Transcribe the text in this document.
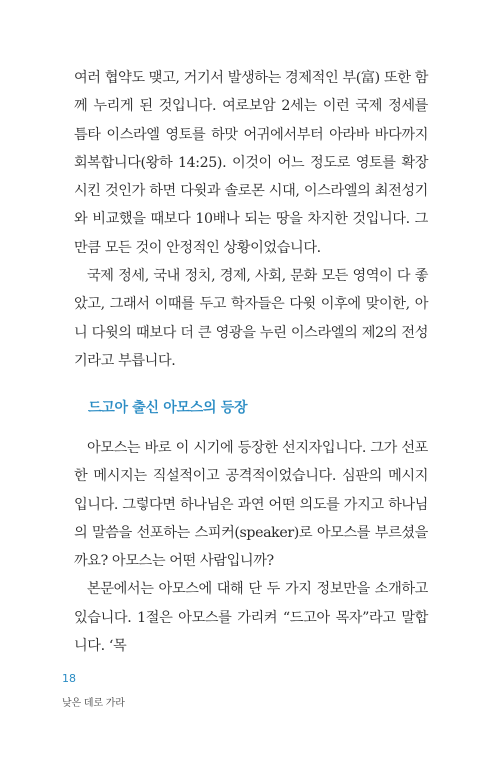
여러 협약도 맺고, 거기서 발생하는 경제적인 부(富) 또한 함께 누리게 된 것입니다. 여로보암 2세는 이런 국제 정세를 틈타 이스라엘 영토를 하맛 어귀에서부터 아라바 바다까지 회복합니다(왕하 14:25). 이것이 어느 정도로 영토를 확장시킨 것인가 하면 다윗과 솔로몬 시대, 이스라엘의 최전성기와 비교했을 때보다 10배나 되는 땅을 차지한 것입니다. 그만큼 모든 것이 안정적인 상황이었습니다.

국제 정세, 국내 정치, 경제, 사회, 문화 모든 영역이 다 좋았고, 그래서 이때를 두고 학자들은 다윗 이후에 맞이한, 아니 다윗의 때보다 더 큰 영광을 누린 이스라엘의 제2의 전성기라고 부릅니다.

드고아 출신 아모스의 등장

아모스는 바로 이 시기에 등장한 선지자입니다. 그가 선포한 메시지는 직설적이고 공격적이었습니다. 심판의 메시지입니다. 그렇다면 하나님은 과연 어떤 의도를 가지고 하나님의 말씀을 선포하는 스피커(speaker)로 아모스를 부르셨을까요? 아모스는 어떤 사람입니까?

본문에서는 아모스에 대해 단 두 가지 정보만을 소개하고 있습니다. 1절은 아모스를 가리켜 “드고아 목자”라고 말합니다. ‘목

18

낮은 데로 가라
